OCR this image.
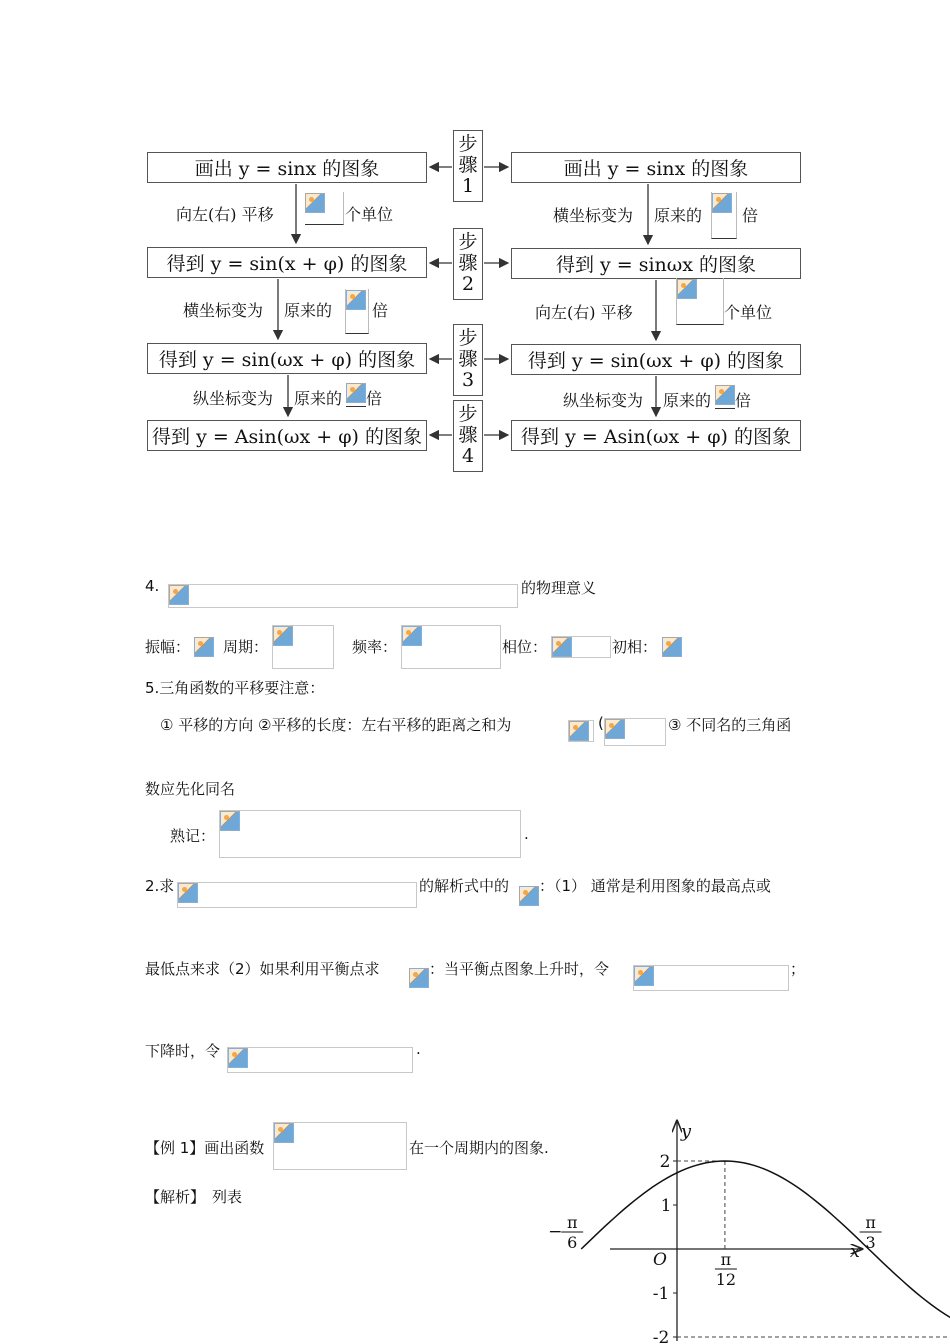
画出 y = sinx 的图象
得到 y = sin(x + φ) 的图象
得到 y = sin(ωx + φ) 的图象
得到 y = Asin(ωx + φ) 的图象
画出 y = sinx 的图象
得到 y = sinωx 的图象
得到 y = sin(ωx + φ) 的图象
得到 y = Asin(ωx + φ) 的图象
步
骤
1
步
骤
2
步
骤
3
步
骤
4
向左(右) 平移	个单位
横坐标变为 原来的 倍
纵坐标变为 原来的 倍
横坐标变为 原来的 倍
向左(右) 平移	个单位
纵坐标变为 原来的 倍
4.	的物理意义
振幅： 周期：	频率：	相位：	初相：
5.三角函数的平移要注意：
① 平移的方向 ②平移的长度：左右平移的距离之和为	(	③ 不同名的三角函
数应先化同名
熟记：	.
2.求	的解析式中的 ：（1） 通常是利用图象的最高点或
最低点来求（2）如果利用平衡点求	：当平衡点图象上升时，令	；
下降时，令	.
【例 1】画出函数	在一个周期内的图象.
【解析】 列表
y
x
O
2
1
-1
-2
− π
6
π
12
π
3
